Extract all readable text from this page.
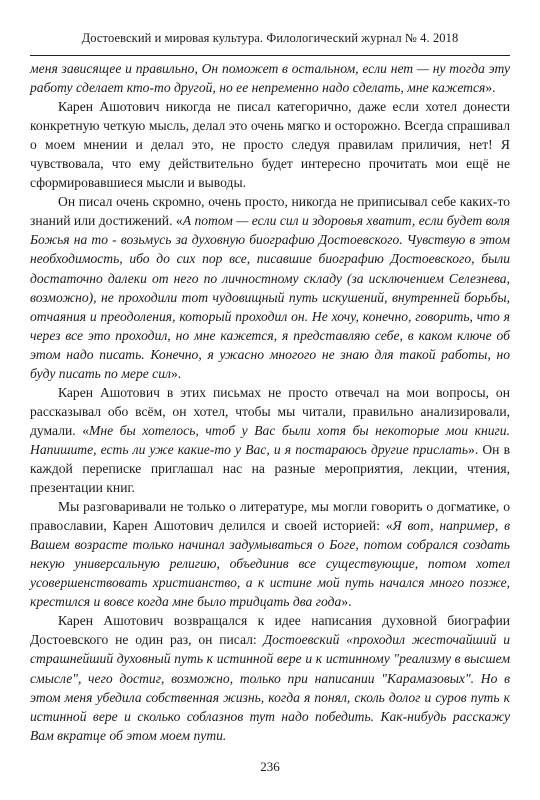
Достоевский и мировая культура. Филологический журнал № 4. 2018

меня зависящее и правильно, Он поможет в остальном, если нет — ну тогда эту работу сделает кто-то другой, но ее непременно надо сделать, мне кажется».

Карен Ашотович никогда не писал категорично, даже если хотел донести конкретную четкую мысль, делал это очень мягко и осторожно. Всегда спрашивал о моем мнении и делал это, не просто следуя правилам приличия, нет! Я чувствовала, что ему действительно будет интересно прочитать мои ещё не сформировавшиеся мысли и выводы.

Он писал очень скромно, очень просто, никогда не приписывал себе каких-то знаний или достижений. «А потом — если сил и здоровья хватит, если будет воля Божья на то - возьмусь за духовную биографию Достоевского. Чувствую в этом необходимость, ибо до сих пор все, писавшие биографию Достоевского, были достаточно далеки от него по личностному складу (за исключением Селезнева, возможно), не проходили тот чудовищный путь искушений, внутренней борьбы, отчаяния и преодоления, который проходил он. Не хочу, конечно, говорить, что я через все это проходил, но мне кажется, я представляю себе, в каком ключе об этом надо писать. Конечно, я ужасно многого не знаю для такой работы, но буду писать по мере сил».

Карен Ашотович в этих письмах не просто отвечал на мои вопросы, он рассказывал обо всём, он хотел, чтобы мы читали, правильно анализировали, думали. «Мне бы хотелось, чтоб у Вас были хотя бы некоторые мои книги. Напишите, есть ли уже какие-то у Вас, и я постараюсь другие прислать». Он в каждой переписке приглашал нас на разные мероприятия, лекции, чтения, презентации книг.

Мы разговаривали не только о литературе, мы могли говорить о догматике, о православии, Карен Ашотович делился и своей историей: «Я вот, например, в Вашем возрасте только начинал задумываться о Боге, потом собрался создать некую универсальную религию, объединив все существующие, потом хотел усовершенствовать христианство, а к истине мой путь начался много позже, крестился и вовсе когда мне было тридцать два года».

Карен Ашотович возвращался к идее написания духовной биографии Достоевского не один раз, он писал: Достоевский «проходил жесточайший и страшнейший духовный путь к истинной вере и к истинному "реализму в высшем смысле", чего достиг, возможно, только при написании "Карамазовых". Но в этом меня убедила собственная жизнь, когда я понял, сколь долог и суров путь к истинной вере и сколько соблазнов тут надо победить. Как-нибудь расскажу Вам вкратце об этом моем пути.

236
